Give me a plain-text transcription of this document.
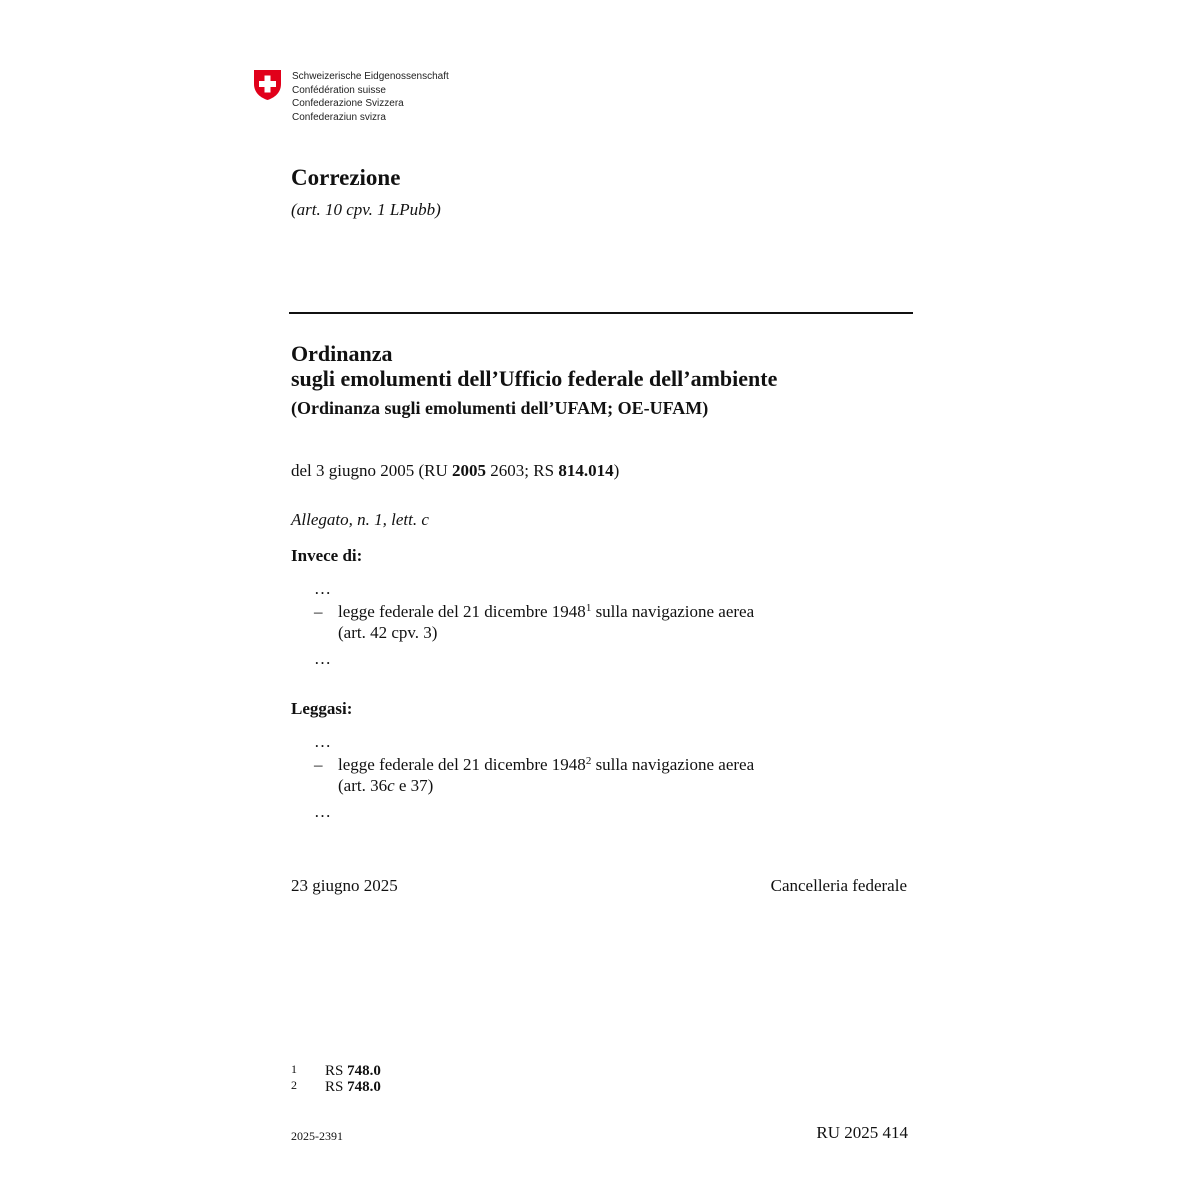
Schweizerische Eidgenossenschaft
Confédération suisse
Confederazione Svizzera
Confederaziun svizra
Correzione
(art. 10 cpv. 1 LPubb)
Ordinanza
sugli emolumenti dell’Ufficio federale dell’ambiente
(Ordinanza sugli emolumenti dell’UFAM; OE-UFAM)
del 3 giugno 2005 (RU 2005 2603; RS 814.014)
Allegato, n. 1, lett. c
Invece di:
…
– legge federale del 21 dicembre 1948$^1$ sulla navigazione aerea
(art. 42 cpv. 3)
…
Leggasi:
…
– legge federale del 21 dicembre 1948$^2$ sulla navigazione aerea
(art. 36c e 37)
…
23 giugno 2025	Cancelleria federale
1 RS 748.0
2 RS 748.0
2025-2391	RU 2025 414
